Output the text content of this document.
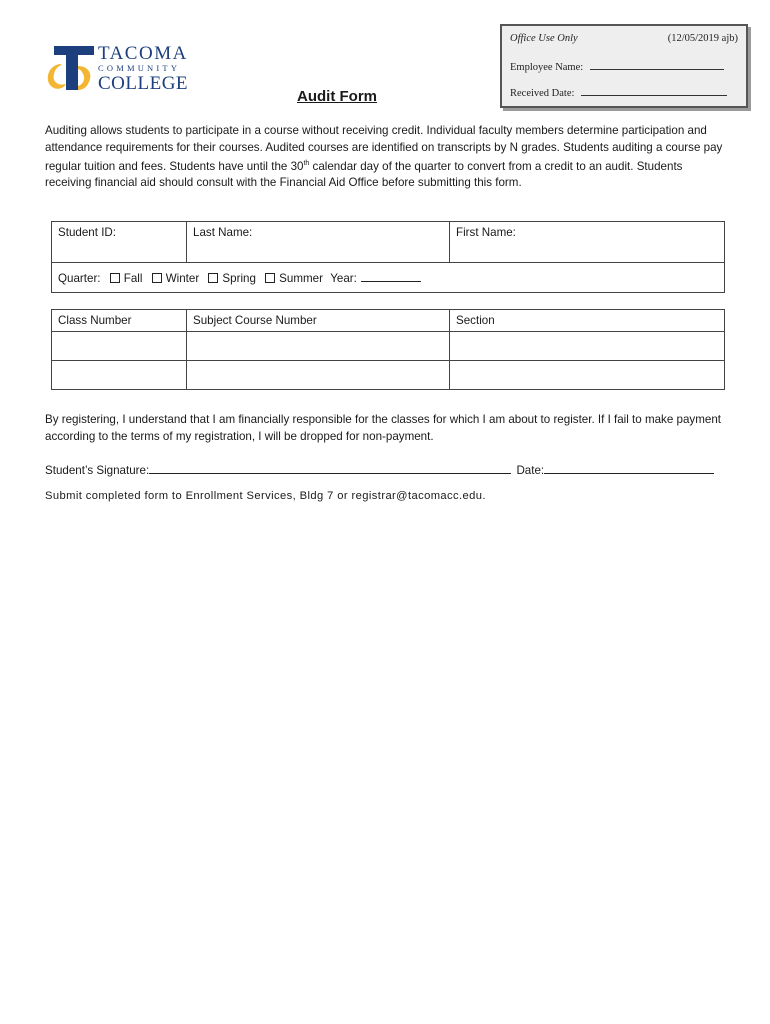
TACOMA
COMMUNITY
COLLEGE
Office Use Only	(12/05/2019 ajb)
Employee Name:
Received Date:
Audit Form
Auditing allows students to participate in a course without receiving credit. Individual faculty members determine participation and attendance requirements for their courses. Audited courses are identified on transcripts by N grades. Students auditing a course pay regular tuition and fees. Students have until the 30th calendar day of the quarter to convert from a credit to an audit. Students receiving financial aid should consult with the Financial Aid Office before submitting this form.
Student ID:	Last Name:	First Name:
Quarter: Fall Winter Spring Summer Year:
Class Number	Subject Course Number	Section

By registering, I understand that I am financially responsible for the classes for which I am about to register. If I fail to make payment according to the terms of my registration, I will be dropped for non-payment.
Student’s Signature:	Date:
Submit completed form to Enrollment Services, Bldg 7 or registrar@tacomacc.edu.
